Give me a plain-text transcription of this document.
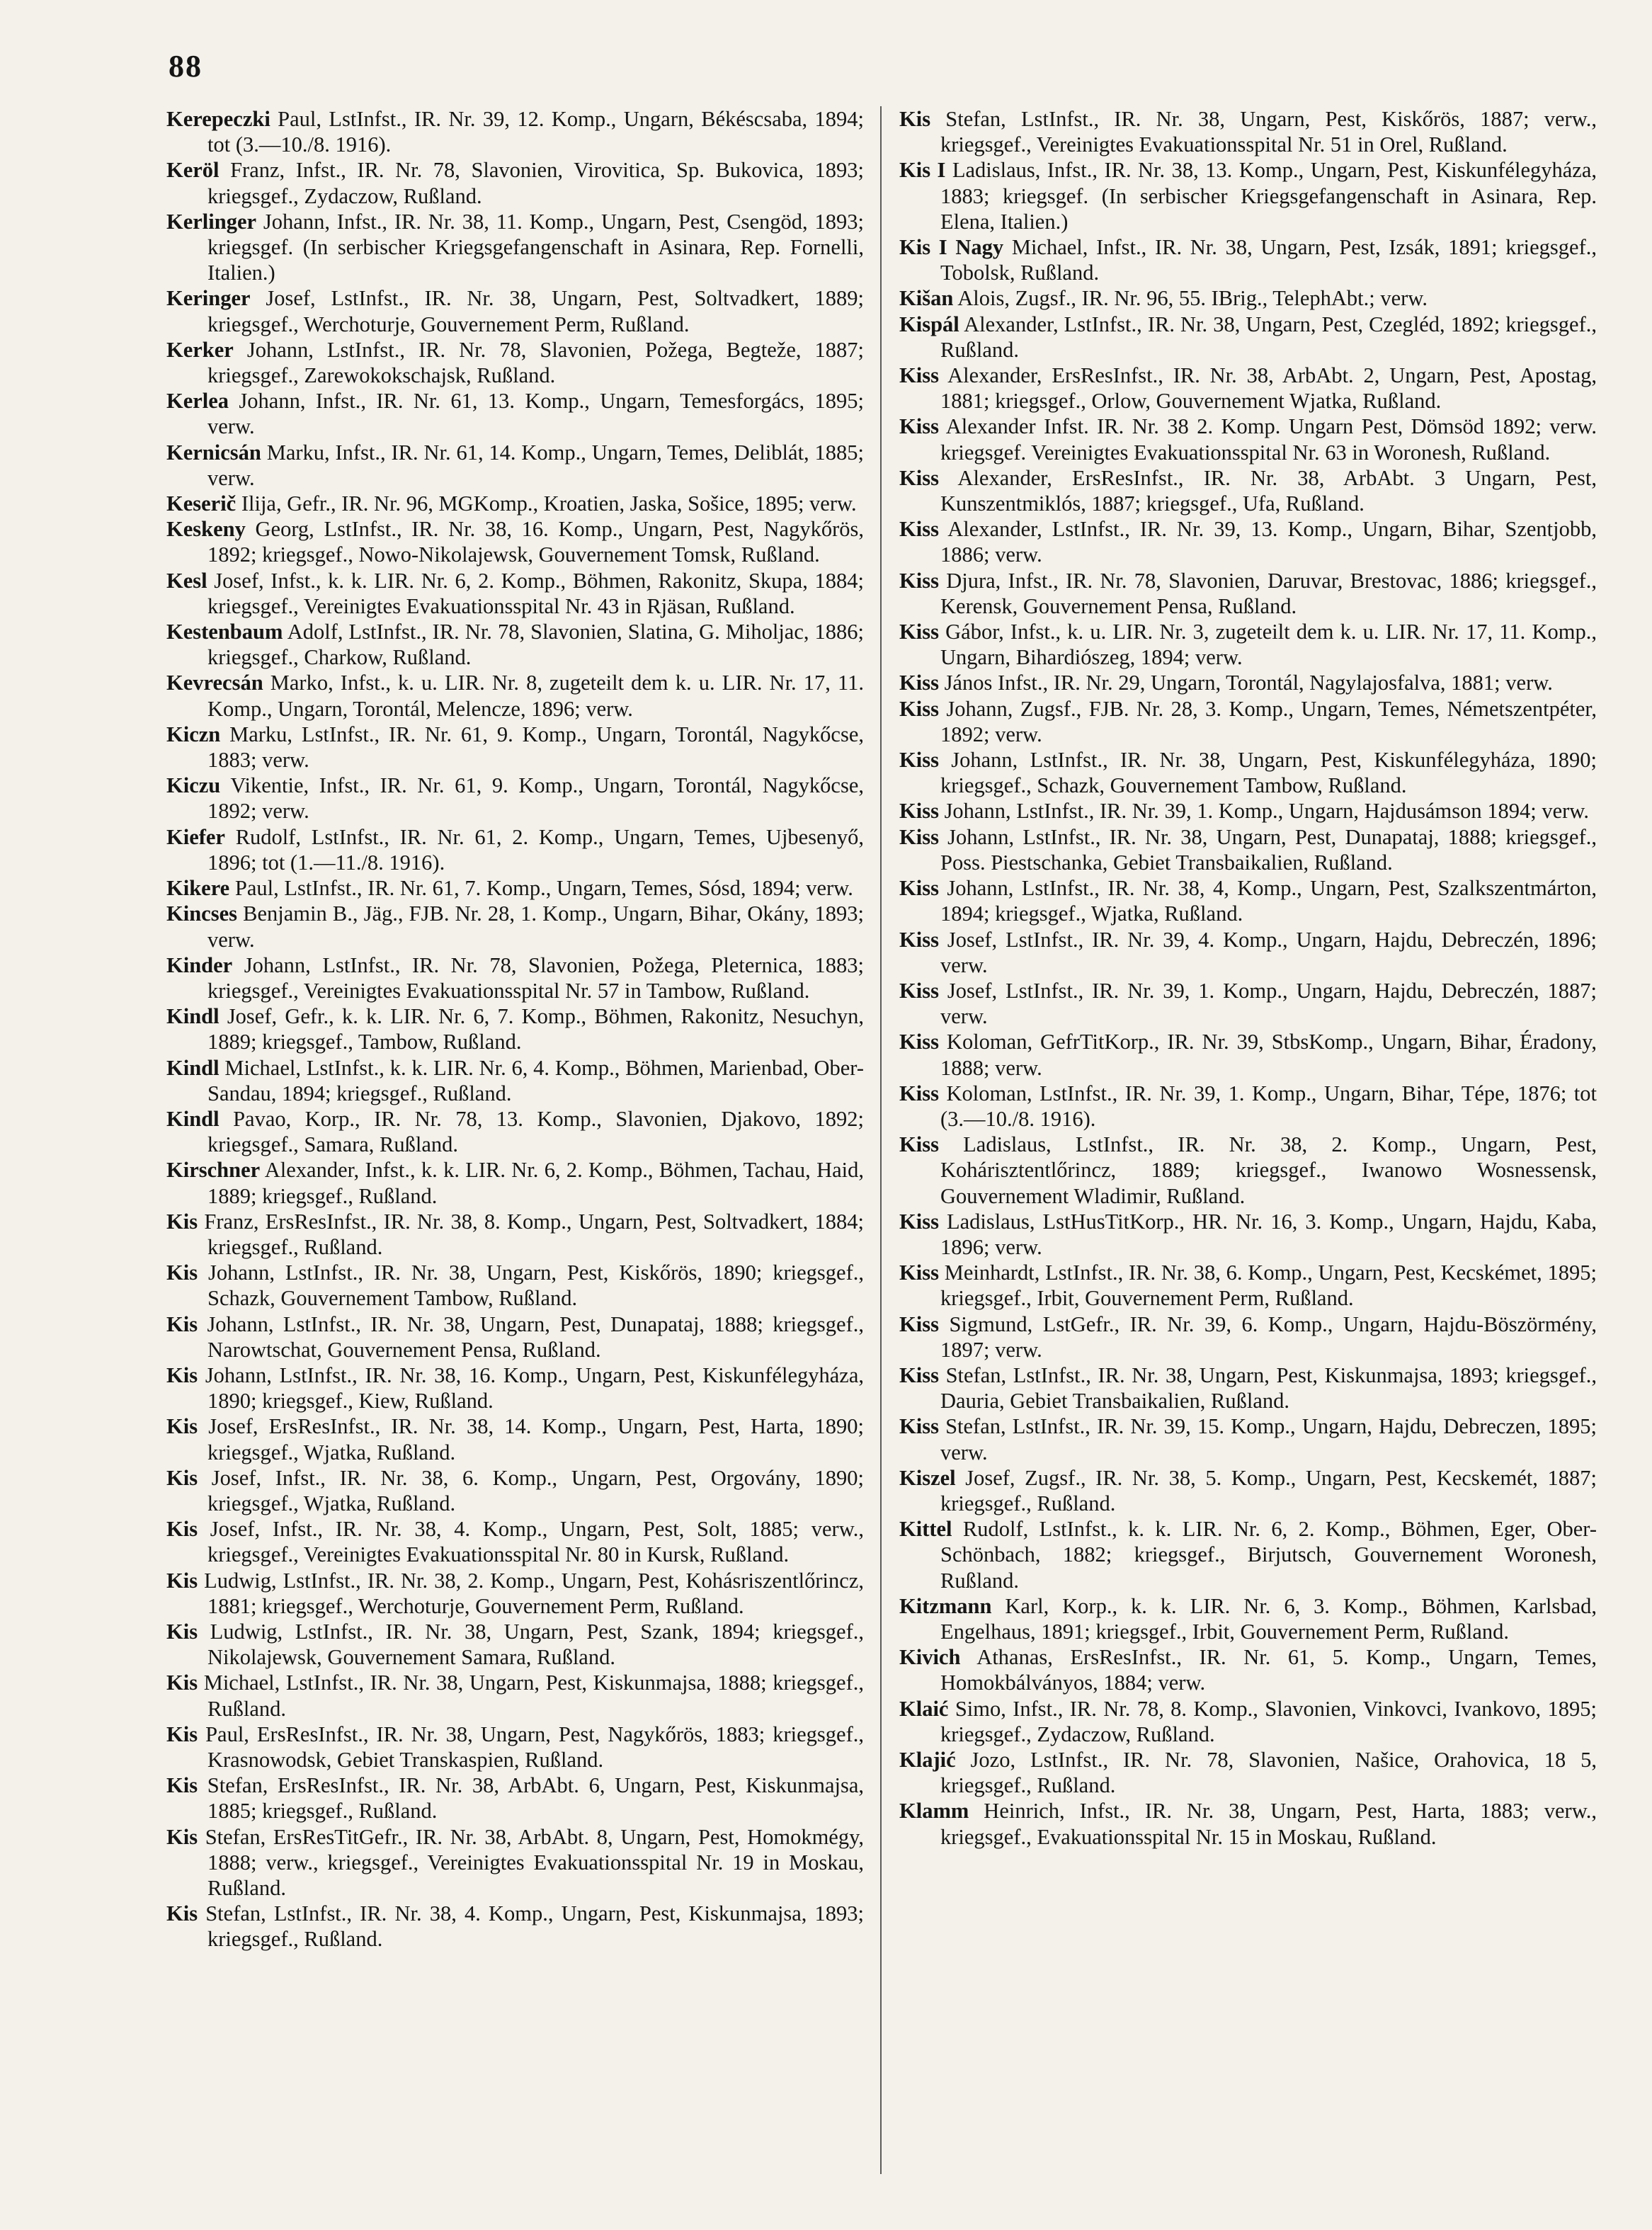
88

Kerepeczki Paul, LstInfst., IR. Nr. 39, 12. Komp., Ungarn, Békéscsaba, 1894; tot (3.—10./8. 1916).

Keröl Franz, Infst., IR. Nr. 78, Slavonien, Virovitica, Sp. Bukovica, 1893; kriegsgef., Zydaczow, Rußland.

Kerlinger Johann, Infst., IR. Nr. 38, 11. Komp., Ungarn, Pest, Csengöd, 1893; kriegsgef. (In serbischer Kriegsgefangenschaft in Asinara, Rep. Fornelli, Italien.)

Keringer Josef, LstInfst., IR. Nr. 38, Ungarn, Pest, Soltvadkert, 1889; kriegsgef., Werchoturje, Gouvernement Perm, Rußland.

Kerker Johann, LstInfst., IR. Nr. 78, Slavonien, Požega, Begteže, 1887; kriegsgef., Zarewokokschajsk, Rußland.

Kerlea Johann, Infst., IR. Nr. 61, 13. Komp., Ungarn, Temesforgács, 1895; verw.

Kernicsán Marku, Infst., IR. Nr. 61, 14. Komp., Ungarn, Temes, Deliblát, 1885; verw.

Keserič Ilija, Gefr., IR. Nr. 96, MGKomp., Kroatien, Jaska, Sošice, 1895; verw.

Keskeny Georg, LstInfst., IR. Nr. 38, 16. Komp., Ungarn, Pest, Nagykőrös, 1892; kriegsgef., Nowo-Nikolajewsk, Gouvernement Tomsk, Rußland.

Kesl Josef, Infst., k. k. LIR. Nr. 6, 2. Komp., Böhmen, Rakonitz, Skupa, 1884; kriegsgef., Vereinigtes Evakuationsspital Nr. 43 in Rjäsan, Rußland.

Kestenbaum Adolf, LstInfst., IR. Nr. 78, Slavonien, Slatina, G. Miholjac, 1886; kriegsgef., Charkow, Rußland.

Kevrecsán Marko, Infst., k. u. LIR. Nr. 8, zugeteilt dem k. u. LIR. Nr. 17, 11. Komp., Ungarn, Torontál, Melencze, 1896; verw.

Kiczn Marku, LstInfst., IR. Nr. 61, 9. Komp., Ungarn, Torontál, Nagykőcse, 1883; verw.

Kiczu Vikentie, Infst., IR. Nr. 61, 9. Komp., Ungarn, Torontál, Nagykőcse, 1892; verw.

Kiefer Rudolf, LstInfst., IR. Nr. 61, 2. Komp., Ungarn, Temes, Ujbesenyő, 1896; tot (1.—11./8. 1916).

Kikere Paul, LstInfst., IR. Nr. 61, 7. Komp., Ungarn, Temes, Sósd, 1894; verw.

Kincses Benjamin B., Jäg., FJB. Nr. 28, 1. Komp., Ungarn, Bihar, Okány, 1893; verw.

Kinder Johann, LstInfst., IR. Nr. 78, Slavonien, Požega, Pleternica, 1883; kriegsgef., Vereinigtes Evakuationsspital Nr. 57 in Tambow, Rußland.

Kindl Josef, Gefr., k. k. LIR. Nr. 6, 7. Komp., Böhmen, Rakonitz, Nesuchyn, 1889; kriegsgef., Tambow, Rußland.

Kindl Michael, LstInfst., k. k. LIR. Nr. 6, 4. Komp., Böhmen, Marienbad, Ober-Sandau, 1894; kriegsgef., Rußland.

Kindl Pavao, Korp., IR. Nr. 78, 13. Komp., Slavonien, Djakovo, 1892; kriegsgef., Samara, Rußland.

Kirschner Alexander, Infst., k. k. LIR. Nr. 6, 2. Komp., Böhmen, Tachau, Haid, 1889; kriegsgef., Rußland.

Kis Franz, ErsResInfst., IR. Nr. 38, 8. Komp., Ungarn, Pest, Soltvadkert, 1884; kriegsgef., Rußland.

Kis Johann, LstInfst., IR. Nr. 38, Ungarn, Pest, Kiskőrös, 1890; kriegsgef., Schazk, Gouvernement Tambow, Rußland.

Kis Johann, LstInfst., IR. Nr. 38, Ungarn, Pest, Dunapataj, 1888; kriegsgef., Narowtschat, Gouvernement Pensa, Rußland.

Kis Johann, LstInfst., IR. Nr. 38, 16. Komp., Ungarn, Pest, Kiskunfélegyháza, 1890; kriegsgef., Kiew, Rußland.

Kis Josef, ErsResInfst., IR. Nr. 38, 14. Komp., Ungarn, Pest, Harta, 1890; kriegsgef., Wjatka, Rußland.

Kis Josef, Infst., IR. Nr. 38, 6. Komp., Ungarn, Pest, Orgovány, 1890; kriegsgef., Wjatka, Rußland.

Kis Josef, Infst., IR. Nr. 38, 4. Komp., Ungarn, Pest, Solt, 1885; verw., kriegsgef., Vereinigtes Evakuationsspital Nr. 80 in Kursk, Rußland.

Kis Ludwig, LstInfst., IR. Nr. 38, 2. Komp., Ungarn, Pest, Kohásriszentlőrincz, 1881; kriegsgef., Werchoturje, Gouvernement Perm, Rußland.

Kis Ludwig, LstInfst., IR. Nr. 38, Ungarn, Pest, Szank, 1894; kriegsgef., Nikolajewsk, Gouvernement Samara, Rußland.

Kis Michael, LstInfst., IR. Nr. 38, Ungarn, Pest, Kiskunmajsa, 1888; kriegsgef., Rußland.

Kis Paul, ErsResInfst., IR. Nr. 38, Ungarn, Pest, Nagykőrös, 1883; kriegsgef., Krasnowodsk, Gebiet Transkaspien, Rußland.

Kis Stefan, ErsResInfst., IR. Nr. 38, ArbAbt. 6, Ungarn, Pest, Kiskunmajsa, 1885; kriegsgef., Rußland.

Kis Stefan, ErsResTitGefr., IR. Nr. 38, ArbAbt. 8, Ungarn, Pest, Homokmégy, 1888; verw., kriegsgef., Vereinigtes Evakuationsspital Nr. 19 in Moskau, Rußland.

Kis Stefan, LstInfst., IR. Nr. 38, 4. Komp., Ungarn, Pest, Kiskunmajsa, 1893; kriegsgef., Rußland.

Kis Stefan, LstInfst., IR. Nr. 38, Ungarn, Pest, Kiskőrös, 1887; verw., kriegsgef., Vereinigtes Evakuationsspital Nr. 51 in Orel, Rußland.

Kis I Ladislaus, Infst., IR. Nr. 38, 13. Komp., Ungarn, Pest, Kiskunfélegyháza, 1883; kriegsgef. (In serbischer Kriegsgefangenschaft in Asinara, Rep. Elena, Italien.)

Kis I Nagy Michael, Infst., IR. Nr. 38, Ungarn, Pest, Izsák, 1891; kriegsgef., Tobolsk, Rußland.

Kišan Alois, Zugsf., IR. Nr. 96, 55. IBrig., TelephAbt.; verw.

Kispál Alexander, LstInfst., IR. Nr. 38, Ungarn, Pest, Czegléd, 1892; kriegsgef., Rußland.

Kiss Alexander, ErsResInfst., IR. Nr. 38, ArbAbt. 2, Ungarn, Pest, Apostag, 1881; kriegsgef., Orlow, Gouvernement Wjatka, Rußland.

Kiss Alexander Infst. IR. Nr. 38 2. Komp. Ungarn Pest, Dömsöd 1892; verw. kriegsgef. Vereinigtes Evakuationsspital Nr. 63 in Woronesh, Rußland.

Kiss Alexander, ErsResInfst., IR. Nr. 38, ArbAbt. 3 Ungarn, Pest, Kunszentmiklós, 1887; kriegsgef., Ufa, Rußland.

Kiss Alexander, LstInfst., IR. Nr. 39, 13. Komp., Ungarn, Bihar, Szentjobb, 1886; verw.

Kiss Djura, Infst., IR. Nr. 78, Slavonien, Daruvar, Brestovac, 1886; kriegsgef., Kerensk, Gouvernement Pensa, Rußland.

Kiss Gábor, Infst., k. u. LIR. Nr. 3, zugeteilt dem k. u. LIR. Nr. 17, 11. Komp., Ungarn, Bihardiószeg, 1894; verw.

Kiss János Infst., IR. Nr. 29, Ungarn, Torontál, Nagylajosfalva, 1881; verw.

Kiss Johann, Zugsf., FJB. Nr. 28, 3. Komp., Ungarn, Temes, Németszentpéter, 1892; verw.

Kiss Johann, LstInfst., IR. Nr. 38, Ungarn, Pest, Kiskunfélegyháza, 1890; kriegsgef., Schazk, Gouvernement Tambow, Rußland.

Kiss Johann, LstInfst., IR. Nr. 39, 1. Komp., Ungarn, Hajdusámson 1894; verw.

Kiss Johann, LstInfst., IR. Nr. 38, Ungarn, Pest, Dunapataj, 1888; kriegsgef., Poss. Piestschanka, Gebiet Transbaikalien, Rußland.

Kiss Johann, LstInfst., IR. Nr. 38, 4, Komp., Ungarn, Pest, Szalkszentmárton, 1894; kriegsgef., Wjatka, Rußland.

Kiss Josef, LstInfst., IR. Nr. 39, 4. Komp., Ungarn, Hajdu, Debreczén, 1896; verw.

Kiss Josef, LstInfst., IR. Nr. 39, 1. Komp., Ungarn, Hajdu, Debreczén, 1887; verw.

Kiss Koloman, GefrTitKorp., IR. Nr. 39, StbsKomp., Ungarn, Bihar, Éradony, 1888; verw.

Kiss Koloman, LstInfst., IR. Nr. 39, 1. Komp., Ungarn, Bihar, Tépe, 1876; tot (3.—10./8. 1916).

Kiss Ladislaus, LstInfst., IR. Nr. 38, 2. Komp., Ungarn, Pest, Kohárisztentlőrincz, 1889; kriegsgef., Iwanowo Wosnessensk, Gouvernement Wladimir, Rußland.

Kiss Ladislaus, LstHusTitKorp., HR. Nr. 16, 3. Komp., Ungarn, Hajdu, Kaba, 1896; verw.

Kiss Meinhardt, LstInfst., IR. Nr. 38, 6. Komp., Ungarn, Pest, Kecskémet, 1895; kriegsgef., Irbit, Gouvernement Perm, Rußland.

Kiss Sigmund, LstGefr., IR. Nr. 39, 6. Komp., Ungarn, Hajdu-Böszörmény, 1897; verw.

Kiss Stefan, LstInfst., IR. Nr. 38, Ungarn, Pest, Kiskunmajsa, 1893; kriegsgef., Dauria, Gebiet Transbaikalien, Rußland.

Kiss Stefan, LstInfst., IR. Nr. 39, 15. Komp., Ungarn, Hajdu, Debreczen, 1895; verw.

Kiszel Josef, Zugsf., IR. Nr. 38, 5. Komp., Ungarn, Pest, Kecskemét, 1887; kriegsgef., Rußland.

Kittel Rudolf, LstInfst., k. k. LIR. Nr. 6, 2. Komp., Böhmen, Eger, Ober-Schönbach, 1882; kriegsgef., Birjutsch, Gouvernement Woronesh, Rußland.

Kitzmann Karl, Korp., k. k. LIR. Nr. 6, 3. Komp., Böhmen, Karlsbad, Engelhaus, 1891; kriegsgef., Irbit, Gouvernement Perm, Rußland.

Kivich Athanas, ErsResInfst., IR. Nr. 61, 5. Komp., Ungarn, Temes, Homokbálványos, 1884; verw.

Klaić Simo, Infst., IR. Nr. 78, 8. Komp., Slavonien, Vinkovci, Ivankovo, 1895; kriegsgef., Zydaczow, Rußland.

Klajić Jozo, LstInfst., IR. Nr. 78, Slavonien, Našice, Orahovica, 18 5, kriegsgef., Rußland.

Klamm Heinrich, Infst., IR. Nr. 38, Ungarn, Pest, Harta, 1883; verw., kriegsgef., Evakuationsspital Nr. 15 in Moskau, Rußland.
